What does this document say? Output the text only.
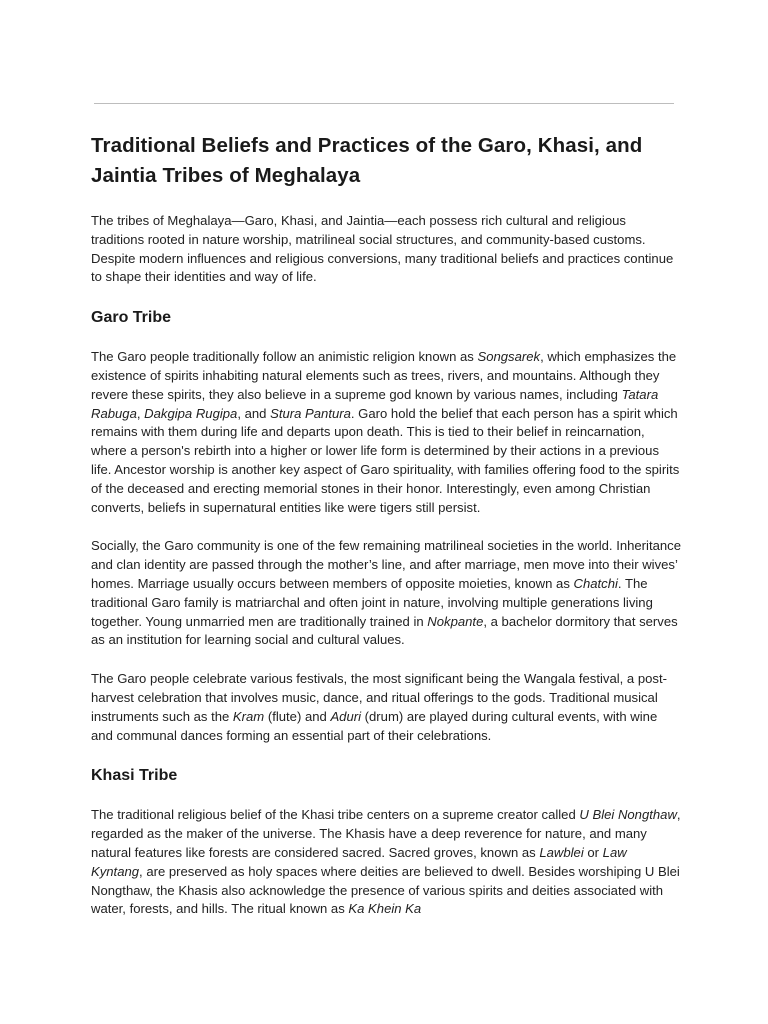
Traditional Beliefs and Practices of the Garo, Khasi, and Jaintia Tribes of Meghalaya

The tribes of Meghalaya—Garo, Khasi, and Jaintia—each possess rich cultural and religious traditions rooted in nature worship, matrilineal social structures, and community-based customs. Despite modern influences and religious conversions, many traditional beliefs and practices continue to shape their identities and way of life.

Garo Tribe

The Garo people traditionally follow an animistic religion known as Songsarek, which emphasizes the existence of spirits inhabiting natural elements such as trees, rivers, and mountains. Although they revere these spirits, they also believe in a supreme god known by various names, including Tatara Rabuga, Dakgipa Rugipa, and Stura Pantura. Garo hold the belief that each person has a spirit which remains with them during life and departs upon death. This is tied to their belief in reincarnation, where a person's rebirth into a higher or lower life form is determined by their actions in a previous life. Ancestor worship is another key aspect of Garo spirituality, with families offering food to the spirits of the deceased and erecting memorial stones in their honor. Interestingly, even among Christian converts, beliefs in supernatural entities like were tigers still persist.

Socially, the Garo community is one of the few remaining matrilineal societies in the world. Inheritance and clan identity are passed through the mother’s line, and after marriage, men move into their wives’ homes. Marriage usually occurs between members of opposite moieties, known as Chatchi. The traditional Garo family is matriarchal and often joint in nature, involving multiple generations living together. Young unmarried men are traditionally trained in Nokpante, a bachelor dormitory that serves as an institution for learning social and cultural values.

The Garo people celebrate various festivals, the most significant being the Wangala festival, a post-harvest celebration that involves music, dance, and ritual offerings to the gods. Traditional musical instruments such as the Kram (flute) and Aduri (drum) are played during cultural events, with wine and communal dances forming an essential part of their celebrations.

Khasi Tribe

The traditional religious belief of the Khasi tribe centers on a supreme creator called U Blei Nongthaw, regarded as the maker of the universe. The Khasis have a deep reverence for nature, and many natural features like forests are considered sacred. Sacred groves, known as Lawblei or Law Kyntang, are preserved as holy spaces where deities are believed to dwell. Besides worshiping U Blei Nongthaw, the Khasis also acknowledge the presence of various spirits and deities associated with water, forests, and hills. The ritual known as Ka Khein Ka
